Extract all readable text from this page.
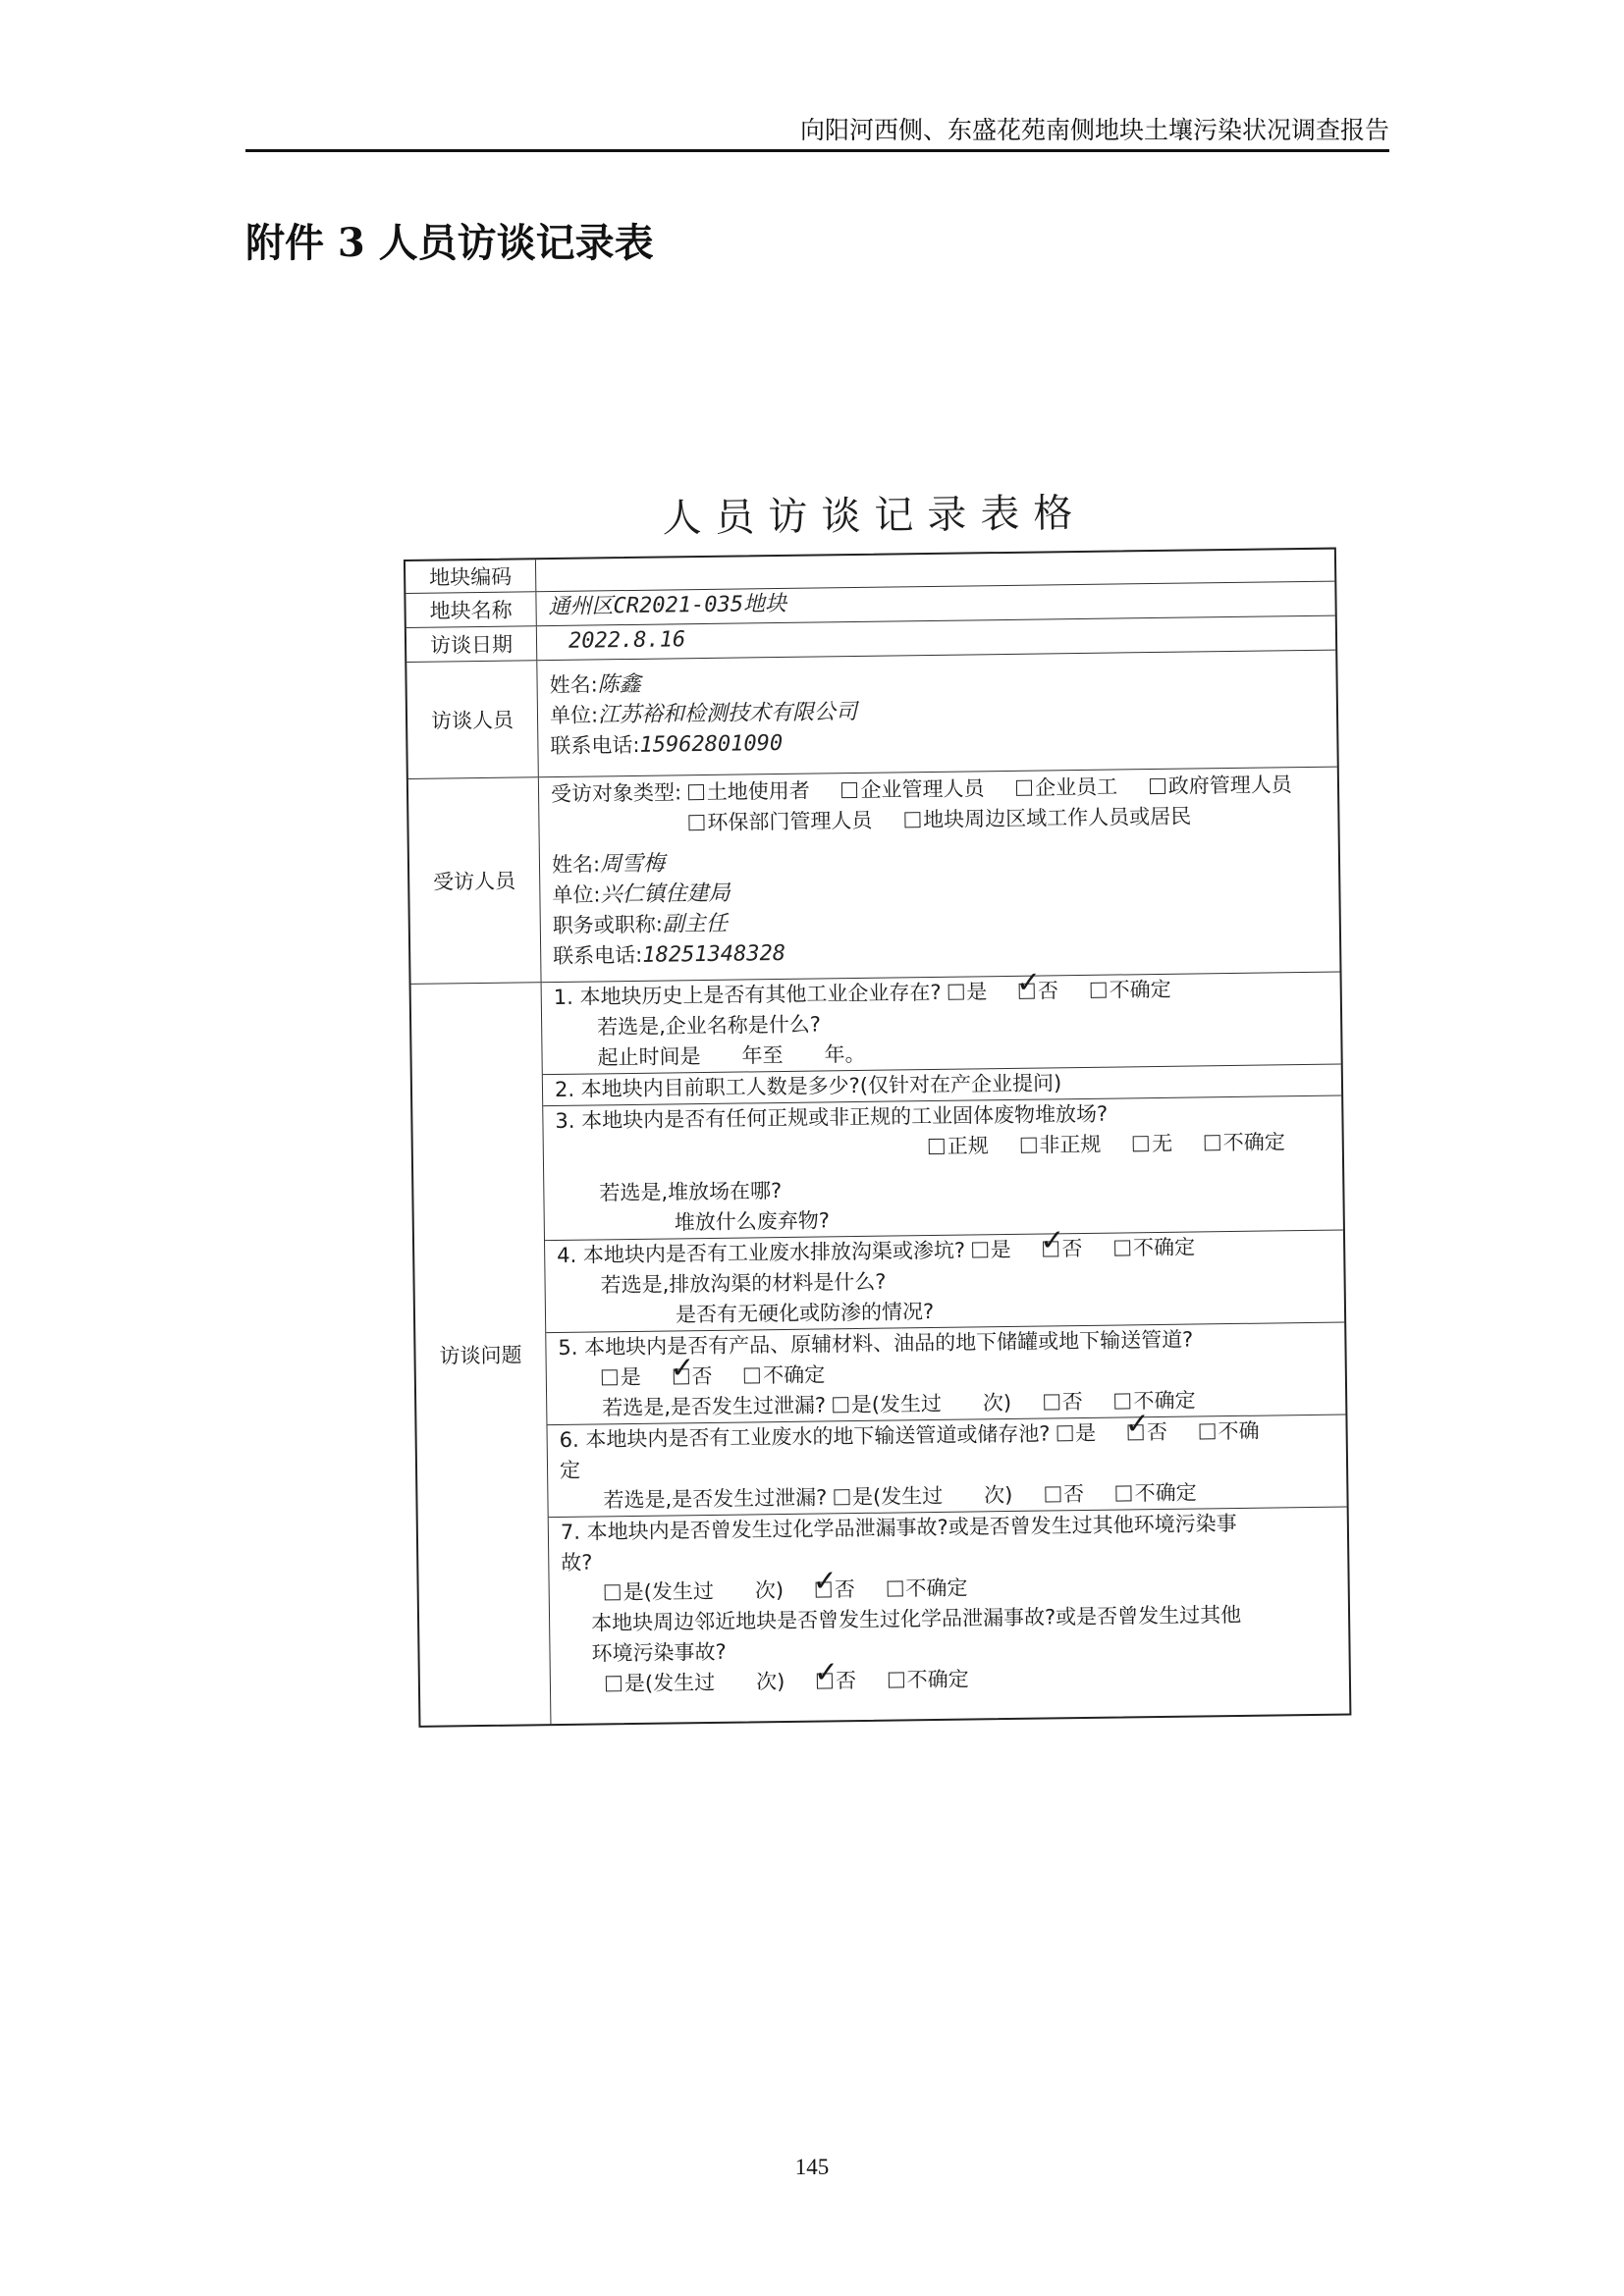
向阳河西侧、东盛花苑南侧地块土壤污染状况调查报告
附件 3 人员访谈记录表
人员访谈记录表格
地块编码
地块名称	通州区CR2021-035地块
访谈日期	2022.8.16
访谈人员
姓名:陈鑫
单位:江苏裕和检测技术有限公司
联系电话:15962801090
受访人员
受访对象类型: 土地使用者 企业管理人员 企业员工 政府管理人员
环保部门管理人员 地块周边区域工作人员或居民
姓名:周雪梅
单位:兴仁镇住建局
职务或职称:副主任
联系电话:18251348328
访谈问题
1. 本地块历史上是否有其他工业企业存在? 是 ✓
否 不确定
若选是,企业名称是什么?
起止时间是　　年至　　年。
2. 本地块内目前职工人数是多少?(仅针对在产企业提问)
3. 本地块内是否有任何正规或非正规的工业固体废物堆放场?
正规 非正规 无 不确定
若选是,堆放场在哪?
堆放什么废弃物?
4. 本地块内是否有工业废水排放沟渠或渗坑? 是 ✓
否 不确定
若选是,排放沟渠的材料是什么?
是否有无硬化或防渗的情况?
5. 本地块内是否有产品、原辅材料、油品的地下储罐或地下输送管道?
是 ✓
否 不确定
若选是,是否发生过泄漏? 是(发生过　　次) 否 不确定
6. 本地块内是否有工业废水的地下输送管道或储存池? 是 ✓
否 不确
定
若选是,是否发生过泄漏? 是(发生过　　次) 否 不确定
7. 本地块内是否曾发生过化学品泄漏事故?或是否曾发生过其他环境污染事
故?
是(发生过　　次) ✓
否 不确定
本地块周边邻近地块是否曾发生过化学品泄漏事故?或是否曾发生过其他
环境污染事故?
是(发生过　　次) ✓
否 不确定
145
